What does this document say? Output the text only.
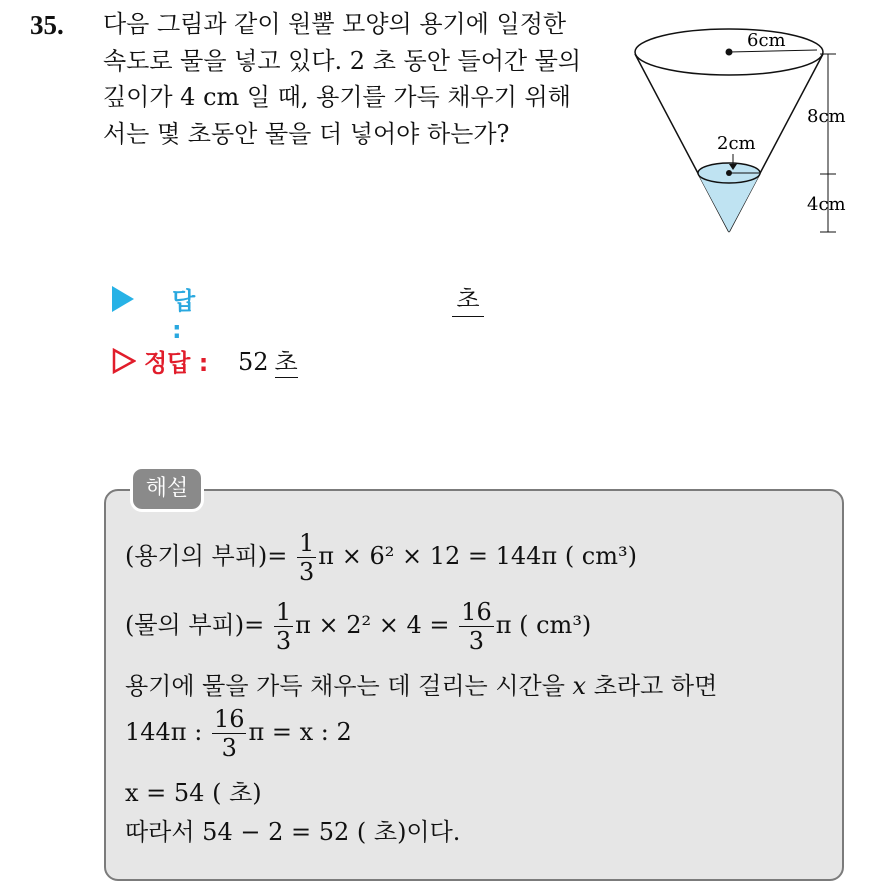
35. 다음 그림과 같이 원뿔 모양의 용기에 일정한
속도로 물을 넣고 있다. 2 초 동안 들어간 물의
깊이가 4 cm 일 때, 용기를 가득 채우기 위해
서는 몇 초동안 물을 더 넣어야 하는가?
6cm
2cm
8cm
4cm
답 :
초
정답 : 52 초
해설
(용기의 부피)= $\frac{1}{3}$ π × 6² × 12 = 144π ( cm³)
(물의 부피)= $\frac{1}{3}$ $\pi \times 2^2 \times 4 = \frac{16}{3}$ π ( cm³)
용기에 물을 가득 채우는 데 걸리는 시간을 x 초라고 하면
144π : $\frac{16}{3}$ π = x : 2
x = 54 ( 초)
따라서 54 − 2 = 52 ( 초)이다.
